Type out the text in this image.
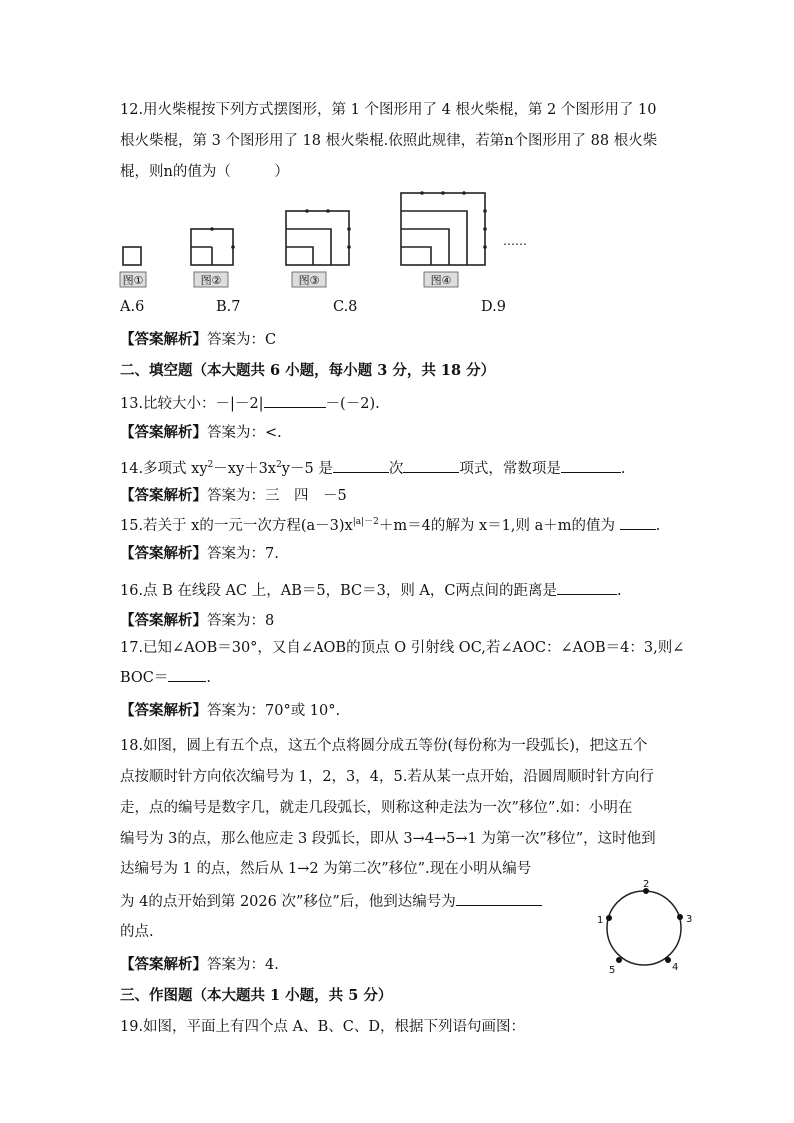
12.用火柴棍按下列方式摆图形，第 1 个图形用了 4 根火柴棍，第 2 个图形用了 10
根火柴棍，第 3 个图形用了 18 根火柴棍.依照此规律，若第n个图形用了 88 根火柴
棍，则n的值为（　　　）
图①	图②	图③	图④
……
A.6	B.7	C.8	D.9
【答案解析】答案为：C
二、填空题（本大题共 6 小题，每小题 3 分，共 18 分）
13.比较大小：－|－2|	－(－2).
【答案解析】答案为：<.
14.多项式 $xy^2-xy+3x^2y-5$ 是	次	项式，常数项是	.
【答案解析】答案为：三　四　－5
15.若关于 x的一元一次方程$(a-3)x^{|a|-2}+m=4$的解为 x＝1,则 a＋m的值为	.
【答案解析】答案为：7.
16.点 B 在线段 AC 上，AB＝5，BC＝3，则 A，C两点间的距离是	.
【答案解析】答案为：8
17.已知∠AOB＝30°，又自∠AOB的顶点 O 引射线 OC,若∠AOC：∠AOB＝4：3,则∠
BOC＝	.
【答案解析】答案为：70°或 10°.
18.如图，圆上有五个点，这五个点将圆分成五等份(每份称为一段弧长)，把这五个
点按顺时针方向依次编号为 1，2，3，4，5.若从某一点开始，沿圆周顺时针方向行
走，点的编号是数字几，就走几段弧长，则称这种走法为一次”移位”.如：小明在
编号为 3的点，那么他应走 3 段弧长，即从 3→4→5→1 为第一次”移位”，这时他到
达编号为 1 的点，然后从 1→2 为第二次”移位”.现在小明从编号
为 4的点开始到第 2026 次”移位”后，他到达编号为
的点.
1
2
3
4
5
【答案解析】答案为：4.
三、作图题（本大题共 1 小题，共 5 分）
19.如图，平面上有四个点 A、B、C、D，根据下列语句画图：
